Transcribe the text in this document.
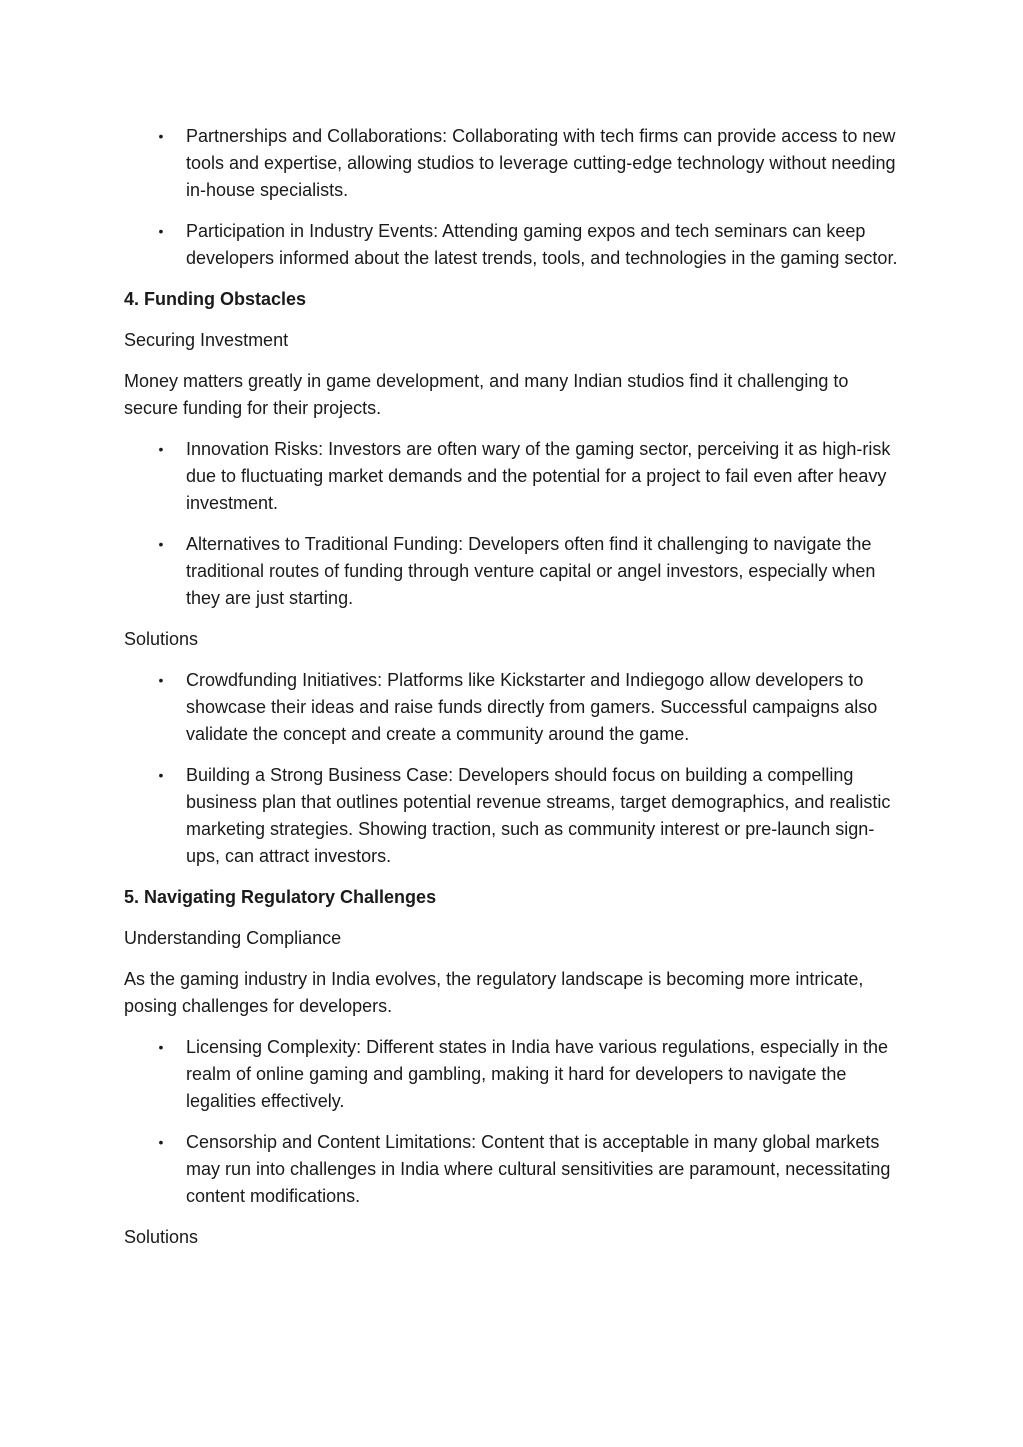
• Partnerships and Collaborations: Collaborating with tech firms can provide access to new tools and expertise, allowing studios to leverage cutting-edge technology without needing in-house specialists.
• Participation in Industry Events: Attending gaming expos and tech seminars can keep developers informed about the latest trends, tools, and technologies in the gaming sector.

4. Funding Obstacles

Securing Investment

Money matters greatly in game development, and many Indian studios find it challenging to secure funding for their projects.

• Innovation Risks: Investors are often wary of the gaming sector, perceiving it as high-risk due to fluctuating market demands and the potential for a project to fail even after heavy investment.
• Alternatives to Traditional Funding: Developers often find it challenging to navigate the traditional routes of funding through venture capital or angel investors, especially when they are just starting.

Solutions

• Crowdfunding Initiatives: Platforms like Kickstarter and Indiegogo allow developers to showcase their ideas and raise funds directly from gamers. Successful campaigns also validate the concept and create a community around the game.
• Building a Strong Business Case: Developers should focus on building a compelling business plan that outlines potential revenue streams, target demographics, and realistic marketing strategies. Showing traction, such as community interest or pre-launch sign-ups, can attract investors.

5. Navigating Regulatory Challenges

Understanding Compliance

As the gaming industry in India evolves, the regulatory landscape is becoming more intricate, posing challenges for developers.

• Licensing Complexity: Different states in India have various regulations, especially in the realm of online gaming and gambling, making it hard for developers to navigate the legalities effectively.
• Censorship and Content Limitations: Content that is acceptable in many global markets may run into challenges in India where cultural sensitivities are paramount, necessitating content modifications.

Solutions
